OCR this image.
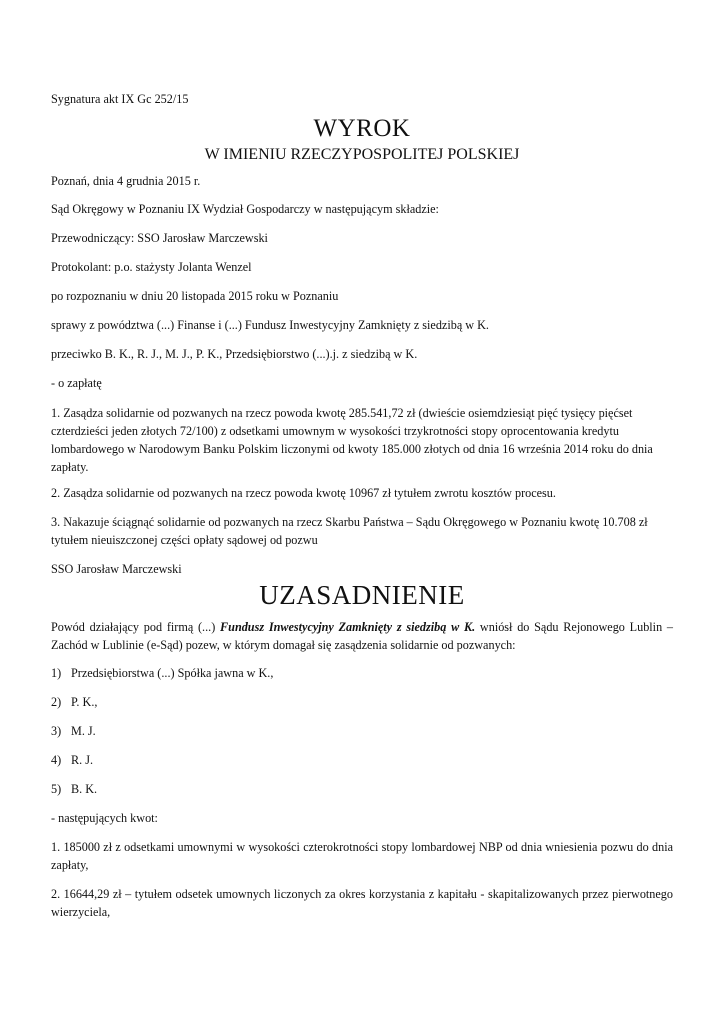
Sygnatura akt IX Gc 252/15

WYROK
W IMIENIU RZECZYPOSPOLITEJ POLSKIEJ

Poznań, dnia 4 grudnia 2015 r.

Sąd Okręgowy w Poznaniu IX Wydział Gospodarczy w następującym składzie:

Przewodniczący: SSO Jarosław Marczewski

Protokolant: p.o. stażysty Jolanta Wenzel

po rozpoznaniu w dniu 20 listopada 2015 roku w Poznaniu

sprawy z powództwa (...) Finanse i (...) Fundusz Inwestycyjny Zamknięty z siedzibą w K.

przeciwko B. K., R. J., M. J., P. K., Przedsiębiorstwo (...).j. z siedzibą w K.

- o zapłatę

1. Zasądza solidarnie od pozwanych na rzecz powoda kwotę 285.541,72 zł (dwieście osiemdziesiąt pięć tysięcy pięćset czterdzieści jeden złotych 72/100) z odsetkami umownym w wysokości trzykrotności stopy oprocentowania kredytu lombardowego w Narodowym Banku Polskim liczonymi od kwoty 185.000 złotych od dnia 16 września 2014 roku do dnia zapłaty.

2. Zasądza solidarnie od pozwanych na rzecz powoda kwotę 10967 zł tytułem zwrotu kosztów procesu.

3. Nakazuje ściągnąć solidarnie od pozwanych na rzecz Skarbu Państwa – Sądu Okręgowego w Poznaniu kwotę 10.708 zł tytułem nieuiszczonej części opłaty sądowej od pozwu

SSO Jarosław Marczewski

UZASADNIENIE

Powód działający pod firmą (...) Fundusz Inwestycyjny Zamknięty z siedzibą w K. wniósł do Sądu Rejonowego Lublin – Zachód w Lublinie (e-Sąd) pozew, w którym domagał się zasądzenia solidarnie od pozwanych:

1) Przedsiębiorstwa (...) Spółka jawna w K.,

2) P. K.,

3) M. J.

4) R. J.

5) B. K.

- następujących kwot:

1. 185000 zł z odsetkami umownymi w wysokości czterokrotności stopy lombardowej NBP od dnia wniesienia pozwu do dnia zapłaty,

2. 16644,29 zł – tytułem odsetek umownych liczonych za okres korzystania z kapitału - skapitalizowanych przez pierwotnego wierzyciela,
